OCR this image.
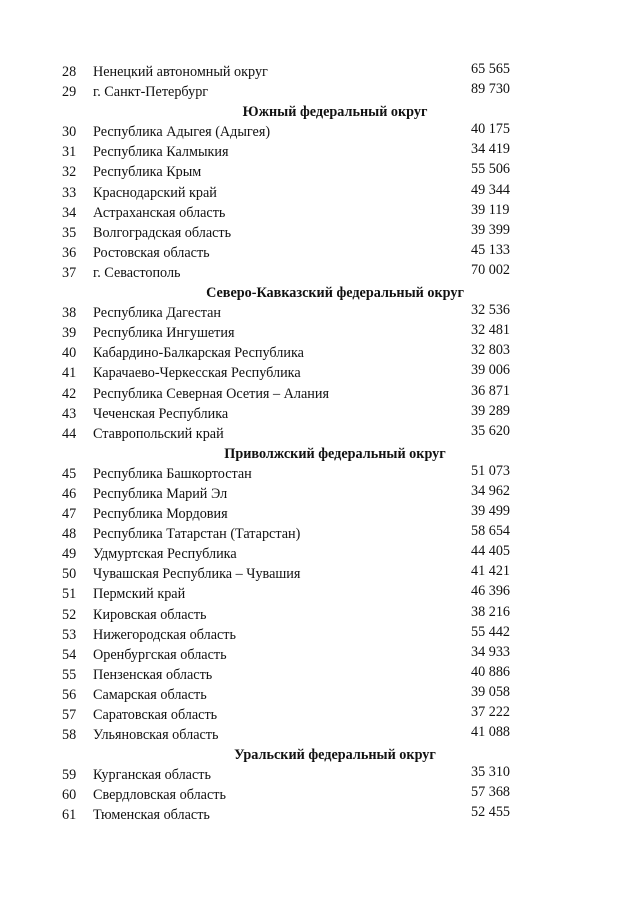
28	Ненецкий автономный округ	65 565
29	г. Санкт-Петербург	89 730
Южный федеральный округ
30	Республика Адыгея (Адыгея)	40 175
31	Республика Калмыкия	34 419
32	Республика Крым	55 506
33	Краснодарский край	49 344
34	Астраханская область	39 119
35	Волгоградская область	39 399
36	Ростовская область	45 133
37	г. Севастополь	70 002
Северо-Кавказский федеральный округ
38	Республика Дагестан	32 536
39	Республика Ингушетия	32 481
40	Кабардино-Балкарская Республика	32 803
41	Карачаево-Черкесская Республика	39 006
42	Республика Северная Осетия – Алания	36 871
43	Чеченская Республика	39 289
44	Ставропольский край	35 620
Приволжский федеральный округ
45	Республика Башкортостан	51 073
46	Республика Марий Эл	34 962
47	Республика Мордовия	39 499
48	Республика Татарстан (Татарстан)	58 654
49	Удмуртская Республика	44 405
50	Чувашская Республика – Чувашия	41 421
51	Пермский край	46 396
52	Кировская область	38 216
53	Нижегородская область	55 442
54	Оренбургская область	34 933
55	Пензенская область	40 886
56	Самарская область	39 058
57	Саратовская область	37 222
58	Ульяновская область	41 088
Уральский федеральный округ
59	Курганская область	35 310
60	Свердловская область	57 368
61	Тюменская область	52 455
